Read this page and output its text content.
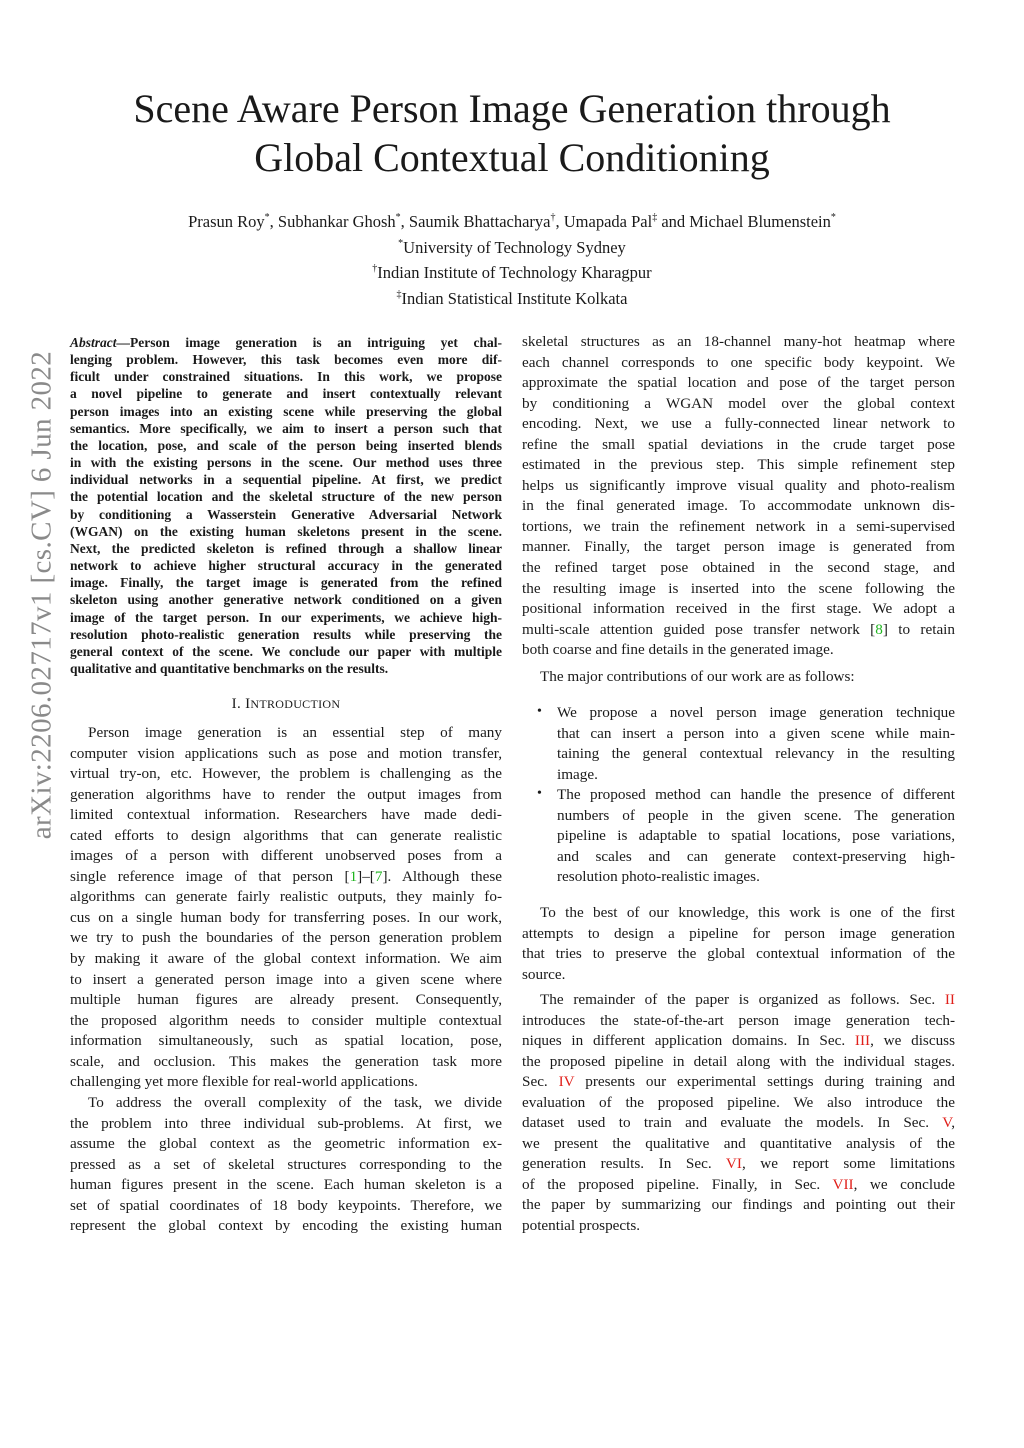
arXiv:2206.02717v1 [cs.CV] 6 Jun 2022
Scene Aware Person Image Generation through
Global Contextual Conditioning
Prasun Roy*, Subhankar Ghosh*, Saumik Bhattacharya†, Umapada Pal‡ and Michael Blumenstein*
*University of Technology Sydney
†Indian Institute of Technology Kharagpur
‡Indian Statistical Institute Kolkata
Abstract—Person image generation is an intriguing yet chal-
lenging problem. However, this task becomes even more dif-
ficult under constrained situations. In this work, we propose
a novel pipeline to generate and insert contextually relevant
person images into an existing scene while preserving the global
semantics. More specifically, we aim to insert a person such that
the location, pose, and scale of the person being inserted blends
in with the existing persons in the scene. Our method uses three
individual networks in a sequential pipeline. At first, we predict
the potential location and the skeletal structure of the new person
by conditioning a Wasserstein Generative Adversarial Network
(WGAN) on the existing human skeletons present in the scene.
Next, the predicted skeleton is refined through a shallow linear
network to achieve higher structural accuracy in the generated
image. Finally, the target image is generated from the refined
skeleton using another generative network conditioned on a given
image of the target person. In our experiments, we achieve high-
resolution photo-realistic generation results while preserving the
general context of the scene. We conclude our paper with multiple
qualitative and quantitative benchmarks on the results.
I. INTRODUCTION
Person image generation is an essential step of many
computer vision applications such as pose and motion transfer,
virtual try-on, etc. However, the problem is challenging as the
generation algorithms have to render the output images from
limited contextual information. Researchers have made dedi-
cated efforts to design algorithms that can generate realistic
images of a person with different unobserved poses from a
single reference image of that person [1]–[7]. Although these
algorithms can generate fairly realistic outputs, they mainly fo-
cus on a single human body for transferring poses. In our work,
we try to push the boundaries of the person generation problem
by making it aware of the global context information. We aim
to insert a generated person image into a given scene where
multiple human figures are already present. Consequently,
the proposed algorithm needs to consider multiple contextual
information simultaneously, such as spatial location, pose,
scale, and occlusion. This makes the generation task more
challenging yet more flexible for real-world applications.
To address the overall complexity of the task, we divide
the problem into three individual sub-problems. At first, we
assume the global context as the geometric information ex-
pressed as a set of skeletal structures corresponding to the
human figures present in the scene. Each human skeleton is a
set of spatial coordinates of 18 body keypoints. Therefore, we
represent the global context by encoding the existing human
skeletal structures as an 18-channel many-hot heatmap where
each channel corresponds to one specific body keypoint. We
approximate the spatial location and pose of the target person
by conditioning a WGAN model over the global context
encoding. Next, we use a fully-connected linear network to
refine the small spatial deviations in the crude target pose
estimated in the previous step. This simple refinement step
helps us significantly improve visual quality and photo-realism
in the final generated image. To accommodate unknown dis-
tortions, we train the refinement network in a semi-supervised
manner. Finally, the target person image is generated from
the refined target pose obtained in the second stage, and
the resulting image is inserted into the scene following the
positional information received in the first stage. We adopt a
multi-scale attention guided pose transfer network [8] to retain
both coarse and fine details in the generated image.
The major contributions of our work are as follows:
• We propose a novel person image generation technique
that can insert a person into a given scene while main-
taining the general contextual relevancy in the resulting
image.
• The proposed method can handle the presence of different
numbers of people in the given scene. The generation
pipeline is adaptable to spatial locations, pose variations,
and scales and can generate context-preserving high-
resolution photo-realistic images.
To the best of our knowledge, this work is one of the first
attempts to design a pipeline for person image generation
that tries to preserve the global contextual information of the
source.
The remainder of the paper is organized as follows. Sec. II
introduces the state-of-the-art person image generation tech-
niques in different application domains. In Sec. III, we discuss
the proposed pipeline in detail along with the individual stages.
Sec. IV presents our experimental settings during training and
evaluation of the proposed pipeline. We also introduce the
dataset used to train and evaluate the models. In Sec. V,
we present the qualitative and quantitative analysis of the
generation results. In Sec. VI, we report some limitations
of the proposed pipeline. Finally, in Sec. VII, we conclude
the paper by summarizing our findings and pointing out their
potential prospects.
